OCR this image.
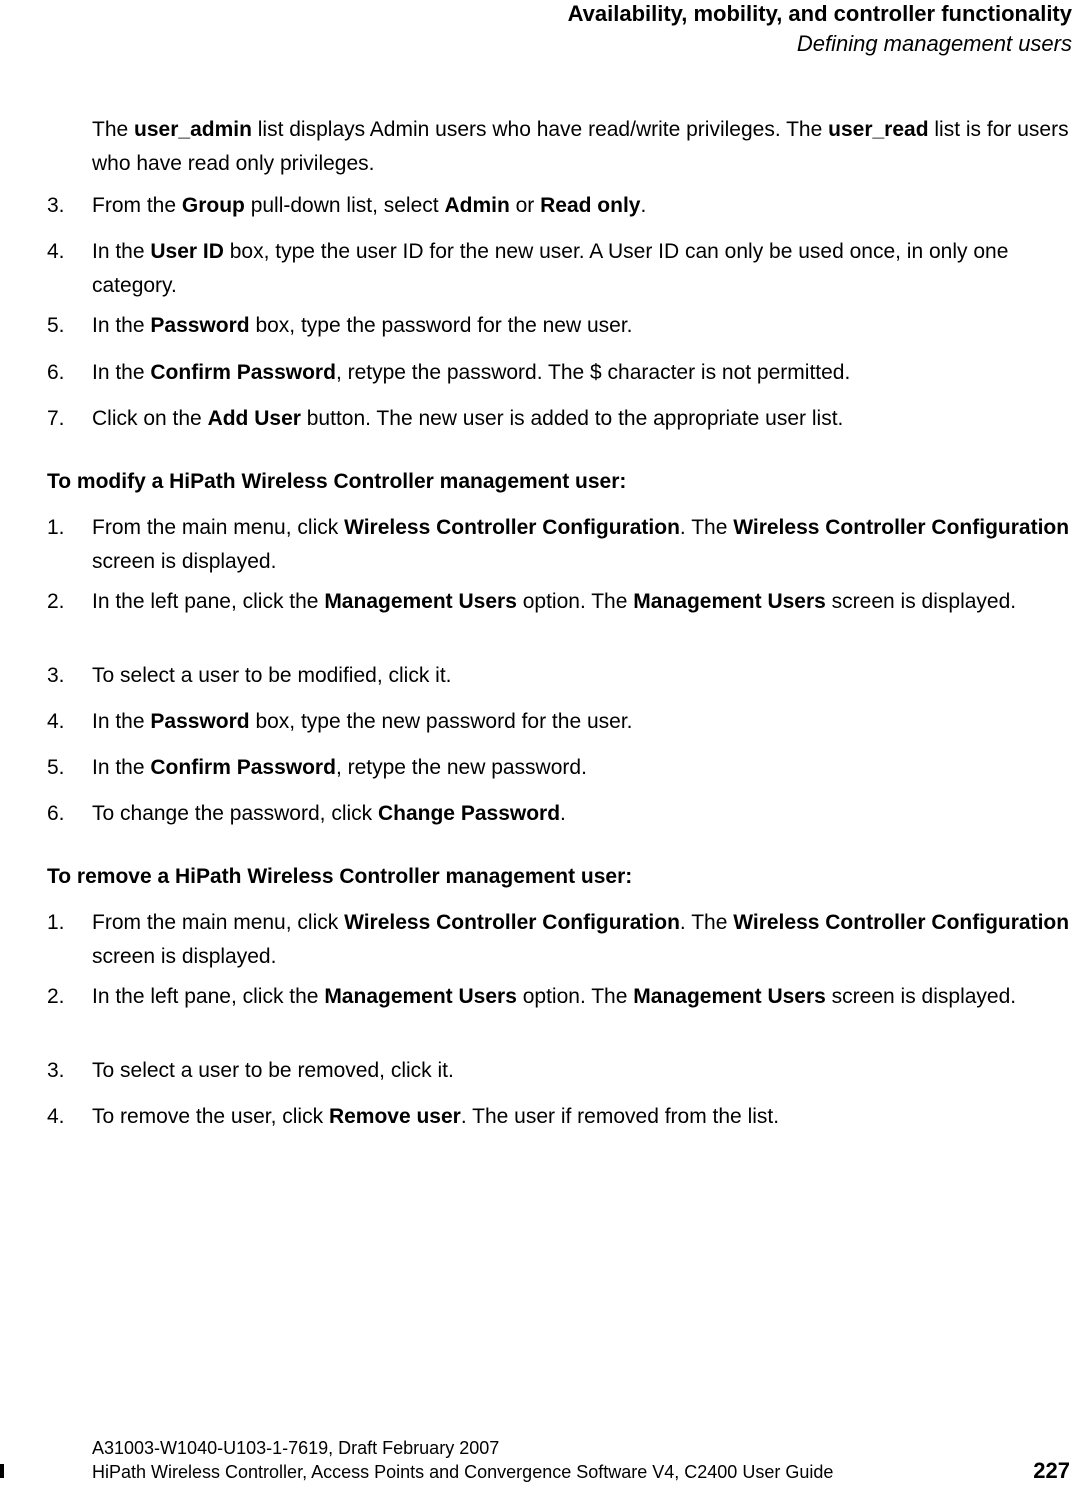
Availability, mobility, and controller functionality
Defining management users
The user_admin list displays Admin users who have read/write privileges. The user_read list is for users who have read only privileges.
3. From the Group pull-down list, select Admin or Read only.
4. In the User ID box, type the user ID for the new user. A User ID can only be used once, in only one category.
5. In the Password box, type the password for the new user.
6. In the Confirm Password, retype the password. The $ character is not permitted.
7. Click on the Add User button. The new user is added to the appropriate user list.
To modify a HiPath Wireless Controller management user:
1. From the main menu, click Wireless Controller Configuration. The Wireless Controller Configuration screen is displayed.
2. In the left pane, click the Management Users option. The Management Users screen is displayed.
3. To select a user to be modified, click it.
4. In the Password box, type the new password for the user.
5. In the Confirm Password, retype the new password.
6. To change the password, click Change Password.
To remove a HiPath Wireless Controller management user:
1. From the main menu, click Wireless Controller Configuration. The Wireless Controller Configuration screen is displayed.
2. In the left pane, click the Management Users option. The Management Users screen is displayed.
3. To select a user to be removed, click it.
4. To remove the user, click Remove user. The user if removed from the list.
A31003-W1040-U103-1-7619, Draft February 2007
HiPath Wireless Controller, Access Points and Convergence Software V4, C2400 User Guide	227
